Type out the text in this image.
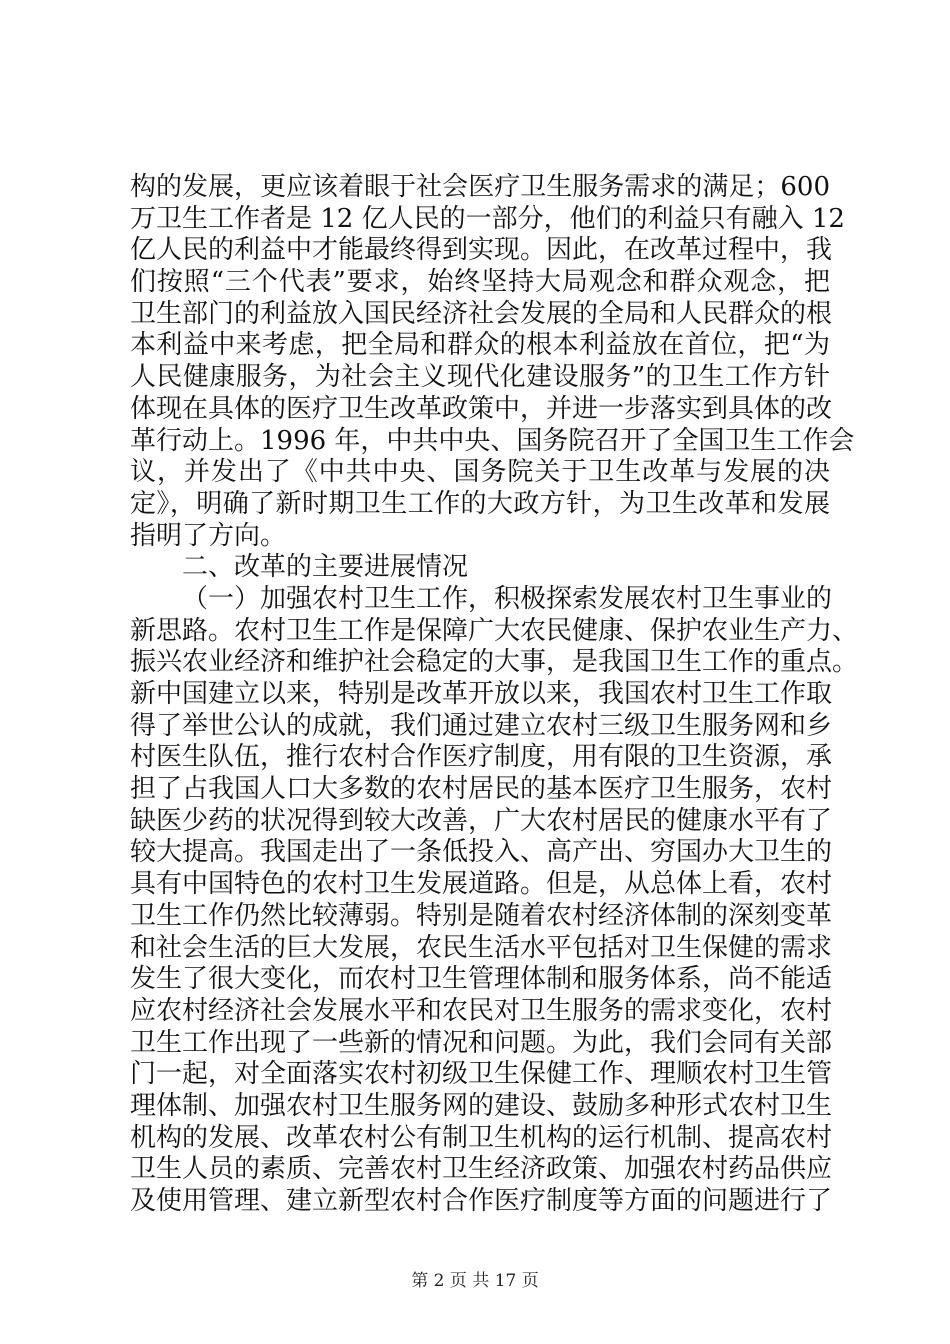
构的发展，更应该着眼于社会医疗卫生服务需求的满足；600
万卫生工作者是 12 亿人民的一部分，他们的利益只有融入 12
亿人民的利益中才能最终得到实现。因此，在改革过程中，我
们按照“三个代表”要求，始终坚持大局观念和群众观念，把
卫生部门的利益放入国民经济社会发展的全局和人民群众的根
本利益中来考虑，把全局和群众的根本利益放在首位，把“为
人民健康服务，为社会主义现代化建设服务”的卫生工作方针
体现在具体的医疗卫生改革政策中，并进一步落实到具体的改
革行动上。1996 年，中共中央、国务院召开了全国卫生工作会
议，并发出了《中共中央、国务院关于卫生改革与发展的决
定》，明确了新时期卫生工作的大政方针，为卫生改革和发展
指明了方向。
二、改革的主要进展情况
（一）加强农村卫生工作，积极探索发展农村卫生事业的
新思路。农村卫生工作是保障广大农民健康、保护农业生产力、
振兴农业经济和维护社会稳定的大事，是我国卫生工作的重点。
新中国建立以来，特别是改革开放以来，我国农村卫生工作取
得了举世公认的成就，我们通过建立农村三级卫生服务网和乡
村医生队伍，推行农村合作医疗制度，用有限的卫生资源，承
担了占我国人口大多数的农村居民的基本医疗卫生服务，农村
缺医少药的状况得到较大改善，广大农村居民的健康水平有了
较大提高。我国走出了一条低投入、高产出、穷国办大卫生的
具有中国特色的农村卫生发展道路。但是，从总体上看，农村
卫生工作仍然比较薄弱。特别是随着农村经济体制的深刻变革
和社会生活的巨大发展，农民生活水平包括对卫生保健的需求
发生了很大变化，而农村卫生管理体制和服务体系，尚不能适
应农村经济社会发展水平和农民对卫生服务的需求变化，农村
卫生工作出现了一些新的情况和问题。为此，我们会同有关部
门一起，对全面落实农村初级卫生保健工作、理顺农村卫生管
理体制、加强农村卫生服务网的建设、鼓励多种形式农村卫生
机构的发展、改革农村公有制卫生机构的运行机制、提高农村
卫生人员的素质、完善农村卫生经济政策、加强农村药品供应
及使用管理、建立新型农村合作医疗制度等方面的问题进行了
第 2 页 共 17 页
